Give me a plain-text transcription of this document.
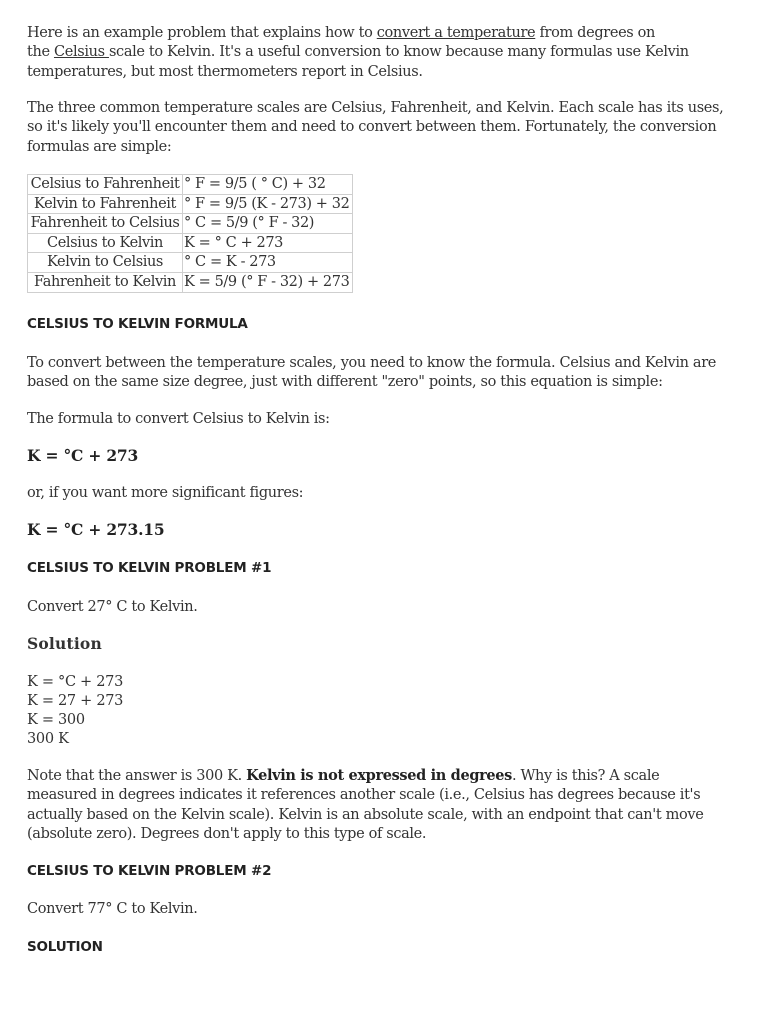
Here is an example problem that explains how to convert a temperature from degrees on
the Celsius scale to Kelvin. It's a useful conversion to know because many formulas use Kelvin
temperatures, but most thermometers report in Celsius.

The three common temperature scales are Celsius, Fahrenheit, and Kelvin. Each scale has its uses,
so it's likely you'll encounter them and need to convert between them. Fortunately, the conversion
formulas are simple:

Celsius to Fahrenheit	° F = 9/5 ( ° C) + 32
Kelvin to Fahrenheit	° F = 9/5 (K - 273) + 32
Fahrenheit to Celsius	° C = 5/9 (° F - 32)
Celsius to Kelvin	K = ° C + 273
Kelvin to Celsius	° C = K - 273
Fahrenheit to Kelvin	K = 5/9 (° F - 32) + 273
CELSIUS TO KELVIN FORMULA

To convert between the temperature scales, you need to know the formula. Celsius and Kelvin are
based on the same size degree, just with different "zero" points, so this equation is simple:

The formula to convert Celsius to Kelvin is:

K = °C + 273

or, if you want more significant figures:

K = °C + 273.15
CELSIUS TO KELVIN PROBLEM #1

Convert 27° C to Kelvin.

Solution
K = °C + 273
K = 27 + 273
K = 300
300 K

Note that the answer is 300 K. Kelvin is not expressed in degrees. Why is this? A scale
measured in degrees indicates it references another scale (i.e., Celsius has degrees because it's
actually based on the Kelvin scale). Kelvin is an absolute scale, with an endpoint that can't move
(absolute zero). Degrees don't apply to this type of scale.

CELSIUS TO KELVIN PROBLEM #2

Convert 77° C to Kelvin.

SOLUTION
